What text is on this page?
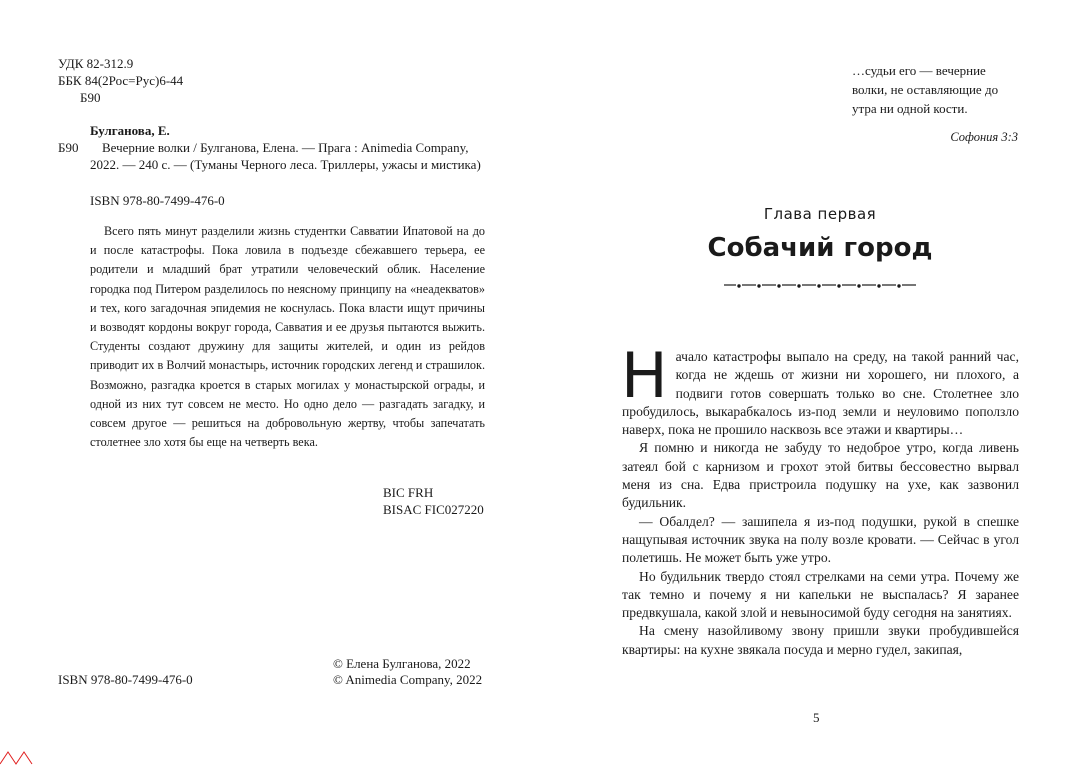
УДК 82-312.9
ББК 84(2Рос=Рус)6-44
Б90
Булганова, Е.
Б90 Вечерние волки / Булганова, Елена. — Прага : Animedia Company,
2022. — 240 с. — (Туманы Черного леса. Триллеры, ужасы и мистика)
ISBN 978-80-7499-476-0
Всего пять минут разделили жизнь студентки Савватии Ипатовой на до и после катастрофы. Пока ловила в подъезде сбежавшего терьера, ее родители и младший брат утратили человеческий облик. Население городка под Питером разделилось по неясному принципу на «неадекватов» и тех, кого загадочная эпидемия не коснулась. Пока власти ищут причины и возводят кордоны вокруг города, Савватия и ее друзья пытаются выжить. Студенты создают дружину для защиты жителей, и один из рейдов приводит их в Волчий монастырь, источник городских легенд и страшилок. Возможно, разгадка кроется в старых могилах у монастырской ограды, и одной из них тут совсем не место. Но одно дело — разгадать загадку, и совсем другое — решиться на добровольную жертву, чтобы запечатать столетнее зло хотя бы еще на четверть века.
BIC FRH
BISAC FIC027220
ISBN 978-80-7499-476-0
© Елена Булганова, 2022
© Animedia Company, 2022
…судьи его — вечерние волки, не оставляющие до утра ни одной кости.
Софония 3:3
Глава первая
Собачий город

Начало катастрофы выпало на среду, на такой ранний час, когда не ждешь от жизни ни хорошего, ни плохого, а подвиги готов совершать только во сне. Столетнее зло пробудилось, выкарабкалось из-под земли и неуловимо поползло наверх, пока не прошило насквозь все этажи и квартиры…

Я помню и никогда не забуду то недоброе утро, когда ливень затеял бой с карнизом и грохот этой битвы бессовестно вырвал меня из сна. Едва пристроила подушку на ухе, как зазвонил будильник.

— Обалдел? — зашипела я из-под подушки, рукой в спешке нащупывая источник звука на полу возле кровати. — Сейчас в угол полетишь. Не может быть уже утро.

Но будильник твердо стоял стрелками на семи утра. Почему же так темно и почему я ни капельки не выспалась? Я заранее предвкушала, какой злой и невыносимой буду сегодня на занятиях.

На смену назойливому звону пришли звуки пробудившейся квартиры: на кухне звякала посуда и мерно гудел, закипая,

5
